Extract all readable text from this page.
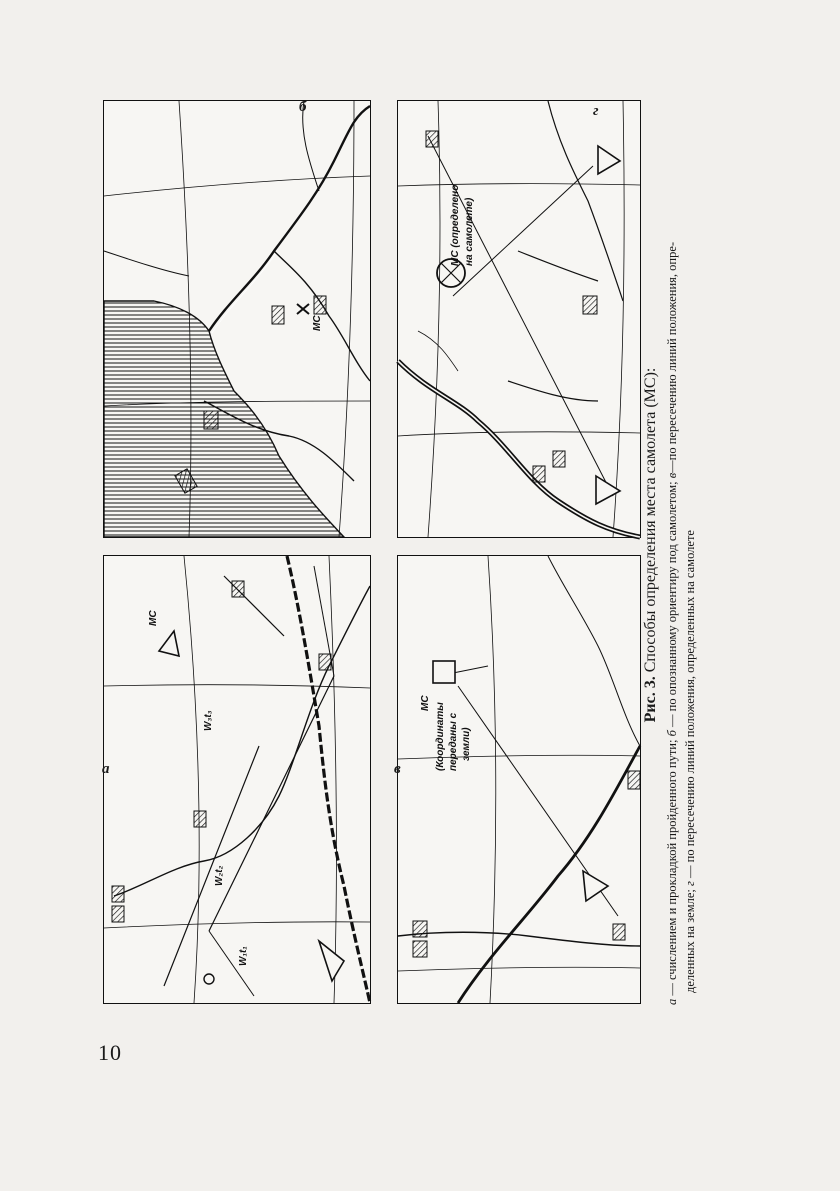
10
МС
б
МС (определено на самолете)
г
МС
W₃t₃
W₂t₂
W₁t₁
а
МС (Координаты переданы с земли)
в

Рис. 3. Способы определения места самолета (МС):

а — счислением и прокладкой пройденного пути; б — по опознанному ориентиру под самолетом; в—по пересечению линий положения, опре-

деленных на земле; г — по пересечению линий положения, определенных на самолете
